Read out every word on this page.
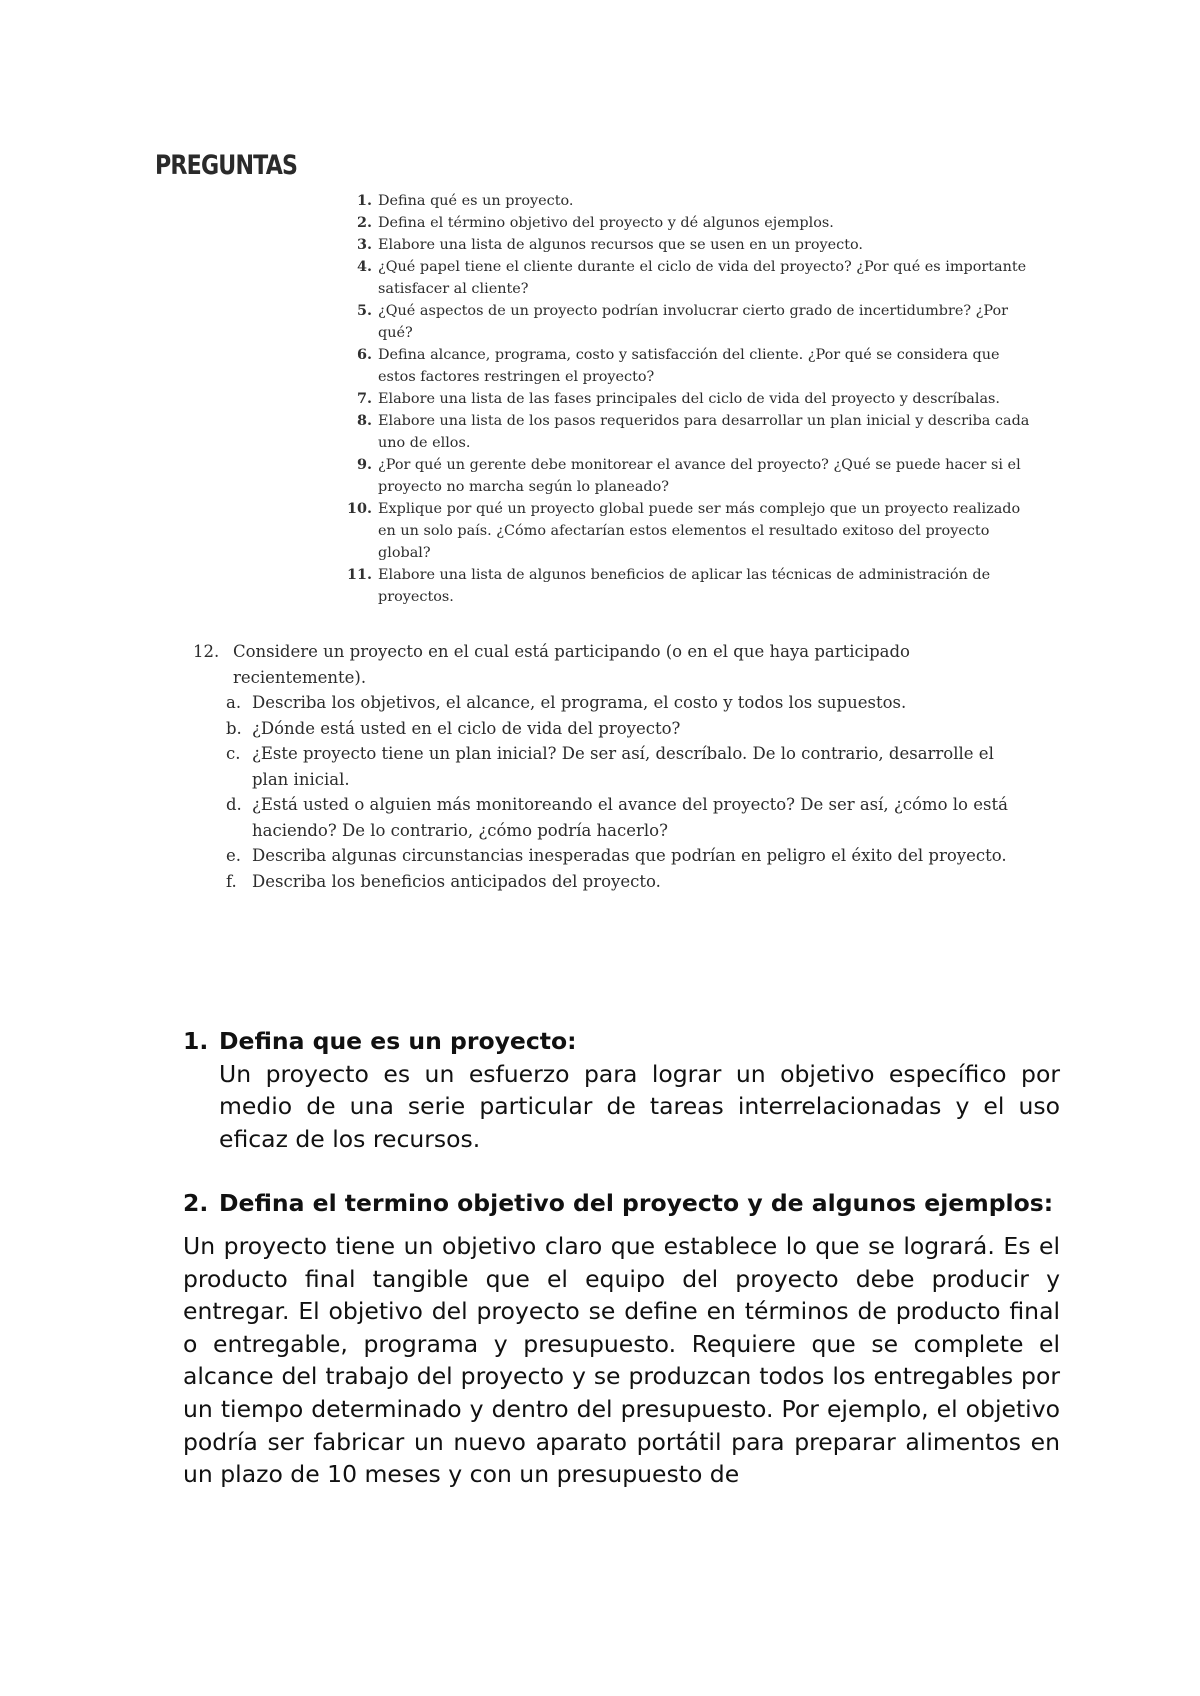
PREGUNTAS
1. Defina qué es un proyecto.
2. Defina el término objetivo del proyecto y dé algunos ejemplos.
3. Elabore una lista de algunos recursos que se usen en un proyecto.
4. ¿Qué papel tiene el cliente durante el ciclo de vida del proyecto? ¿Por qué es importante satisfacer al cliente?
5. ¿Qué aspectos de un proyecto podrían involucrar cierto grado de incertidumbre? ¿Por qué?
6. Defina alcance, programa, costo y satisfacción del cliente. ¿Por qué se considera que estos factores restringen el proyecto?
7. Elabore una lista de las fases principales del ciclo de vida del proyecto y descríbalas.
8. Elabore una lista de los pasos requeridos para desarrollar un plan inicial y describa cada uno de ellos.
9. ¿Por qué un gerente debe monitorear el avance del proyecto? ¿Qué se puede hacer si el proyecto no marcha según lo planeado?
10. Explique por qué un proyecto global puede ser más complejo que un proyecto realizado en un solo país. ¿Cómo afectarían estos elementos el resultado exitoso del proyecto global?
11. Elabore una lista de algunos beneficios de aplicar las técnicas de administración de proyectos.
12. Considere un proyecto en el cual está participando (o en el que haya participado recientemente).
a. Describa los objetivos, el alcance, el programa, el costo y todos los supuestos.
b. ¿Dónde está usted en el ciclo de vida del proyecto?
c. ¿Este proyecto tiene un plan inicial? De ser así, descríbalo. De lo contrario, desarrolle el plan inicial.
d. ¿Está usted o alguien más monitoreando el avance del proyecto? De ser así, ¿cómo lo está haciendo? De lo contrario, ¿cómo podría hacerlo?
e. Describa algunas circunstancias inesperadas que podrían en peligro el éxito del proyecto.
f. Describa los beneficios anticipados del proyecto.
1. Defina que es un proyecto:
Un proyecto es un esfuerzo para lograr un objetivo específico por medio de una serie particular de tareas interrelacionadas y el uso eficaz de los recursos.
2. Defina el termino objetivo del proyecto y de algunos ejemplos:
Un proyecto tiene un objetivo claro que establece lo que se logrará. Es el producto final tangible que el equipo del proyecto debe producir y entregar. El objetivo del proyecto se define en términos de producto final o entregable, programa y presupuesto. Requiere que se complete el alcance del trabajo del proyecto y se produzcan todos los entregables por un tiempo determinado y dentro del presupuesto. Por ejemplo, el objetivo podría ser fabricar un nuevo aparato portátil para preparar alimentos en un plazo de 10 meses y con un presupuesto de
